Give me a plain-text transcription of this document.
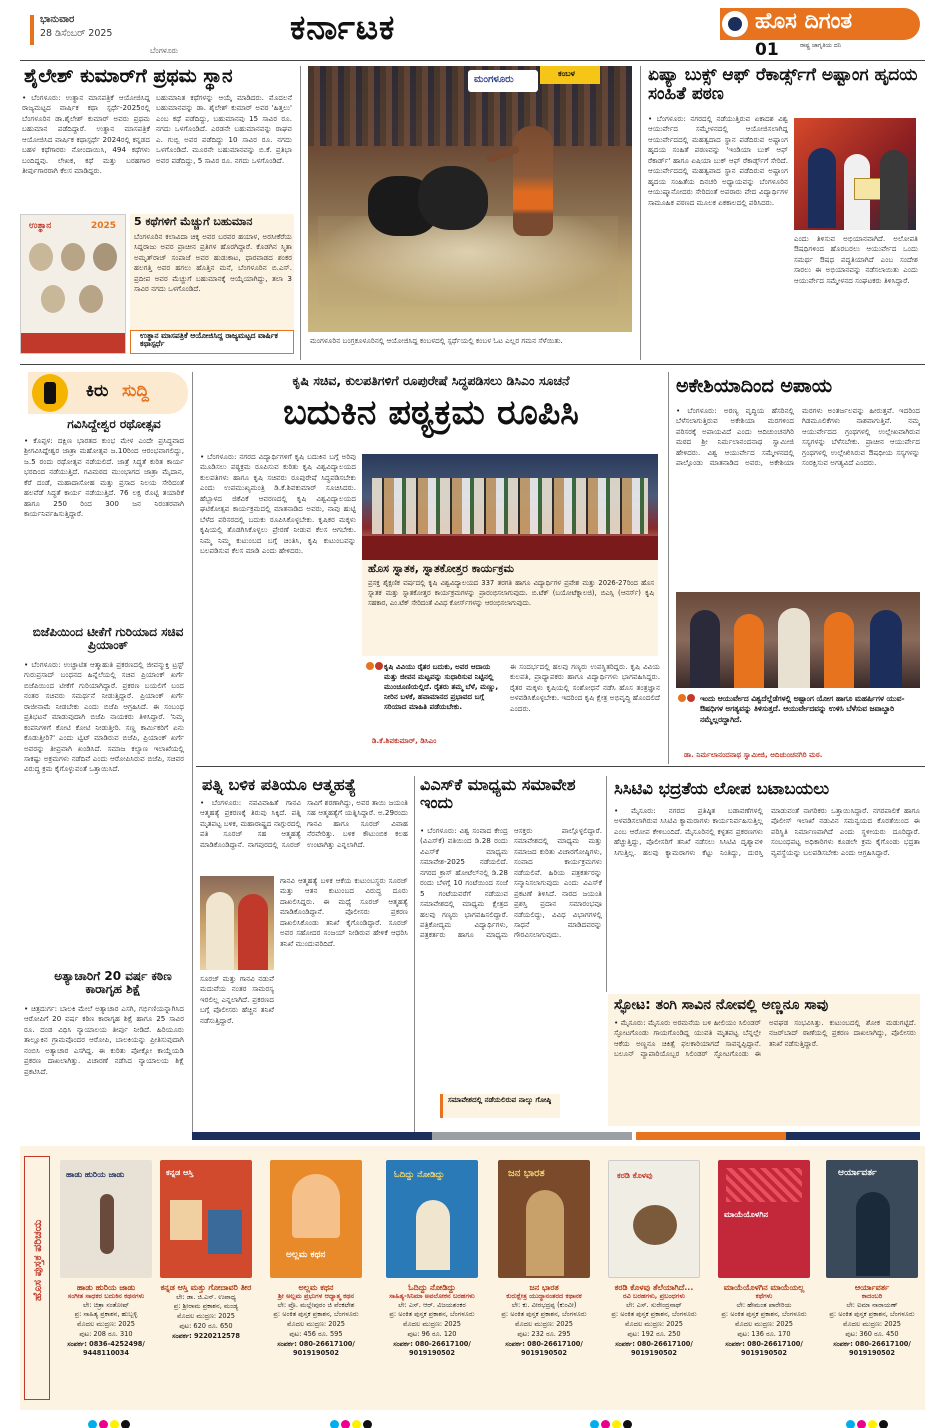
ಭಾನುವಾರ
28 ಡಿಸೆಂಬರ್ 2025
ಬೆಂಗಳೂರು
ಕರ್ನಾಟಕ	ಹೊಸ ದಿಗಂತ
ರಾಷ್ಟ್ರ ಜಾಗೃತಿಯ ದನಿ
01
ಶೈಲೇಶ್ ಕುಮಾರ್‌ಗೆ ಪ್ರಥಮ ಸ್ಥಾನ
• ಬೆಂಗಳೂರು: ಉತ್ಥಾನ ಮಾಸಪತ್ರಿಕೆ ಆಯೋಜಿಸಿದ್ದ ರಾಜ್ಯಮಟ್ಟದ ವಾರ್ಷಿಕ ಕಥಾ ಸ್ಪರ್ಧೆ-2025ರಲ್ಲಿ ಬೆಂಗಳೂರಿನ ಡಾ.ಶೈಲೇಶ್ ಕುಮಾರ್ ಅವರು ಪ್ರಥಮ ಬಹುಮಾನ ಪಡೆದಿದ್ದಾರೆ. ಉತ್ಥಾನ ಮಾಸಪತ್ರಿಕೆ ಆಯೋಜಿಸಿದ ವಾರ್ಷಿಕ ಕಥಾಸ್ಪರ್ಧೆ 2024ರಲ್ಲಿ ಕನ್ನಡದ ಬಹಳ ಕಥೆಗಾರರು ನೋಂದಾಯಿಸಿ, 494 ಕಥೆಗಳು ಬಂದಿದ್ದವು. ಲೇಖಕ, ಕಥೆ ಮತ್ತು ಬರಹಗಾರ ತೀರ್ಪುಗಾರರಾಗಿ ಕೆಲಸ ಮಾಡಿದ್ದರು.
ಬಹುಮಾನಿತ ಕಥೆಗಳನ್ನು ಆಯ್ಕೆ ಮಾಡಿದರು. ಮೊದಲನೆ ಬಹುಮಾನವನ್ನು ಡಾ. ಶೈಲೇಶ್ ಕುಮಾರ್ ಅವರ 'ಹಿತ್ತಲು' ಎಂಬ ಕಥೆ ಪಡೆದಿದ್ದು, ಬಹುಮಾನವು 15 ಸಾವಿರ ರೂ. ನಗದು ಒಳಗೊಂಡಿದೆ. ಎರಡನೇ ಬಹುಮಾನವನ್ನು ರಾಘವ ಎ. ಗುಬ್ಬಿ ಅವರ ಪಡೆದಿದ್ದು 10 ಸಾವಿರ ರೂ. ನಗದು ಒಳಗೊಂಡಿದೆ. ಮೂರನೇ ಬಹುಮಾನವನ್ನು ಬಿ.ಕೆ. ಪ್ರತಿಭಾ ಅವರ ಪಡೆದಿದ್ದು, 5 ಸಾವಿರ ರೂ. ನಗದು ಒಳಗೊಂಡಿದೆ.
ಉತ್ಥಾನ	2025 5 ಕಥೆಗಳಿಗೆ ಮೆಚ್ಚುಗೆ ಬಹುಮಾನ
ಬೆಂಗಳೂರಿನ ಕಲಾವಿದಾ ಚಿಕ್ಕ ಅವರ ಬರವರ ಹಯಾಳ, ಅರಸೀಕೆರೆಯ ಸಿದ್ದರಾಜು ಅವರ ಪ್ರಾಚೀನ ಪ್ರತಿಗಳ ಹೊರಗಿದ್ದಾರೆ. ಕೊಡಗಿನ ಸ್ಮಿತಾ ಅಮೃತ್‌ರಾಜ್ ಸಂಪಾಜೆ ಅವರ ಹುಡುಕಾಟ, ಧಾರವಾಡದ ಶಂಕರ ಹಲಗತ್ತಿ ಅವರ ಹಗಲು ಹೊತ್ತಿನ ಮನೆ, ಬೆಂಗಳೂರಿನ ಬಿ.ಎಸ್. ಪ್ರದೀಪ ಅವರ ಮೆಚ್ಚುಗೆ ಬಹುಮಾನಕ್ಕೆ ಆಯ್ಕೆಯಾಗಿದ್ದು, ತಲಾ 3 ಸಾವಿರ ನಗದು ಒಳಗೊಂಡಿದೆ.
ಉತ್ಥಾನ ಮಾಸಪತ್ರಿಕೆ ಆಯೋಜಿಸಿದ್ದ ರಾಜ್ಯಮಟ್ಟದ ವಾರ್ಷಿಕ ಕಥಾಸ್ಪರ್ಧೆ
ಮಂಗಳೂರು
ಕಂಬಳ
ಮಂಗಳೂರಿನ ಬಂಗ್ರಕೂಳೂರಿನಲ್ಲಿ ಆಯೋಜಿಸಿದ್ದ ಕಂಬಳದಲ್ಲಿ ಸ್ಪರ್ಧೆಯಲ್ಲಿ ಕಂಬಳ ಓಟ ಎಲ್ಲರ ಗಮನ ಸೆಳೆಯಿತು.
ಏಷ್ಯಾ ಬುಕ್ಸ್ ಆಫ್ ರೆಕಾರ್ಡ್ಸ್‌ಗೆ ಅಷ್ಟಾಂಗ ಹೃದಯ ಸಂಹಿತೆ ಪಠಣ
• ಬೆಂಗಳೂರು: ನಗರದಲ್ಲಿ ನಡೆಯುತ್ತಿರುವ ಏಕಾದಶ ವಿಶ್ವ ಆಯುರ್ವೇದ ಸಮ್ಮೇಳನದಲ್ಲಿ ಆಯೋಜಿಸಲಾಗಿದ್ದ ಆಯುರ್ವೇದದಲ್ಲಿ ಮಹತ್ವದಾದ ಸ್ಥಾನ ಪಡೆದಿರುವ ಅಷ್ಟಾಂಗ ಹೃದಯ ಸಂಹಿತೆ ಪಠಣವನ್ನು 'ಇಂಡಿಯಾ ಬುಕ್ ಆಫ್ ರೆಕಾರ್ಡ್' ಹಾಗೂ ಏಷಿಯಾ ಬುಕ್ ಆಫ್ ರೆಕಾರ್ಡ್ಸ್‌ಗೆ ಸೇರಿದೆ. ಆಯುರ್ವೇದದಲ್ಲಿ ಮಹತ್ವವಾದ ಸ್ಥಾನ ಪಡೆದಿರುವ ಅಷ್ಟಾಂಗ ಹೃದಯ ಸಂಹಿತೆಯ ದಿನಚರಿ ಅಧ್ಯಾಯವನ್ನು ಬೆಂಗಳೂರಿನ ಆಯುಷ್ಮಾನೋದರು ಸೇರಿದಂತೆ ಅಪರಾರು ವೇದ ವಿದ್ಯಾರ್ಥಿಗಳ ಸಾಮೂಹಿಕ ಪಠಣದ ಮೂಲಕ ಏಕಕಾಲದಲ್ಲಿ ಪಠಿಸಿದರು.
ಎಂದು ತಿಳಿಸುವ ಅಭಿಯಾನವಾಗಿದೆ. ಅಲೋಪತಿ ಔಷಧಿಗಳಿಂದ ಹೊರಬರಲು ಆಯುರ್ವೇದ ಒಂದು ಸಮರ್ಥ ಔಷಧ ಪದ್ಧತಿಯಾಗಿದೆ ಎಂಬ ಸಂದೇಶ ಸಾರಲು ಈ ಅಭಿಯಾನವನ್ನು ನಡೆಸಲಾಯಿತು ಎಂದು ಆಯುರ್ವೇದ ಸಮ್ಮೇಳನದ ಸಂಘಟಕರು ತಿಳಿಸಿದ್ದಾರೆ.
ಕಿರು ಸುದ್ದಿ
ಗವಿಸಿದ್ದೇಶ್ವರ ರಥೋತ್ಸವ
• ಕೊಪ್ಪಳ: ದಕ್ಷಿಣ ಭಾರತದ ಕುಂಭ ಮೇಳ ಎಂದೇ ಪ್ರಸಿದ್ಧವಾದ ಶ್ರೀಗವಿಸಿದ್ದೇಶ್ವರ ಜಾತ್ರಾ ಮಹೋತ್ಸವ ಜ.10ರಿಂದ ಆರಂಭವಾಗಲಿದ್ದು, ಜ.5 ರಂದು ರಥೋತ್ಸವ ನಡೆಯಲಿದೆ. ಜಾತ್ರೆ ಸಿದ್ಧತೆ ಕುರಿತ ಕಾರ್ಯ ಭರದಿಂದ ನಡೆಯುತ್ತಿದೆ. ಗವಿಮಠದ ಮುಂಭಾಗದ ಜಾತ್ರಾ ಮೈದಾನ, ಕೆರೆ ದಂಡೆ, ಮಹಾದಾಸೋಹ ಮತ್ತು ಪ್ರಸಾದ ನಿಲಯ ಸೇರಿದಂತೆ ಹಲವೆಡೆ ಸಿದ್ಧತೆ ಕಾರ್ಯ ನಡೆಯುತ್ತಿದೆ. 76 ಲಕ್ಷ ರೊಟ್ಟಿ ತಯಾರಿಕೆ ಹಾಗೂ 250 ರಿಂದ 300 ಜನ ನಿರಂತರವಾಗಿ ಕಾರ್ಯನಿರ್ವಹಿಸುತ್ತಿದ್ದಾರೆ.
ಬಿಜೆಪಿಯಿಂದ ಟೀಕೆಗೆ ಗುರಿಯಾದ ಸಚಿವ ಪ್ರಿಯಾಂಕ್
• ಬೆಂಗಳೂರು: ಉಚ್ಚಾಟಿತ ಆತ್ಮಾಹುತಿ ಪ್ರಕರಣದಲ್ಲಿ ಜೀವನ್ಮುಕ್ತಿ ಟ್ರಸ್ಟ್ ಗುರುಪ್ರಸಾದ್ ಬಂಧನದ ಹಿನ್ನೆಲೆಯಲ್ಲಿ ಸಚಿವ ಪ್ರಿಯಾಂಕ್ ಖರ್ಗೆ ಬಿಜೆಪಿಯಿಂದ ಟೀಕೆಗೆ ಗುರಿಯಾಗಿದ್ದಾರೆ. ಪ್ರಕರಣ ಬಯಲಿಗೆ ಬಂದ ನಂತರ ಸಚಿವರು ಸಮರ್ಥನೆ ನೀಡುತ್ತಿದ್ದಾರೆ. ಪ್ರಿಯಾಂಕ್ ಖರ್ಗೆ ರಾಜೀನಾಮೆ ನೀಡಬೇಕು ಎಂದು ಬಿಜೆಪಿ ಆಗ್ರಹಿಸಿದೆ. ಈ ಸಂಬಂಧ ಪ್ರತಿಭಟನೆ ಮಾಡುವುದಾಗಿ ಬಿಜೆಪಿ ನಾಯಕರು ತಿಳಿಸಿದ್ದಾರೆ. 'ನಿಮ್ಮ ಕಂಪನಿಗಳಿಗೆ ಕೋಟಿ ಕೋಟಿ ನೀಡುತ್ತೀರಿ. ಸಣ್ಣ ಕಾರ್ಮಿಕರಿಗೆ ಏನು ಕೊಡುತ್ತೀರಿ?' ಎಂದು ಟ್ವಿಟ್ ಮಾಡಿರುವ ಬಿಜೆಪಿ, ಪ್ರಿಯಾಂಕ್ ಖರ್ಗೆ ಅವರನ್ನು ತೀವ್ರವಾಗಿ ಖಂಡಿಸಿದೆ. ಸಮಾಜ ಕಲ್ಯಾಣ ಇಲಾಖೆಯಲ್ಲಿ ಸಾಕಷ್ಟು ಅಕ್ರಮಗಳು ನಡೆದಿವೆ ಎಂದು ಆರೋಪಿಸಿರುವ ಬಿಜೆಪಿ, ಸಚಿವರ ವಿರುದ್ಧ ಕ್ರಮ ಕೈಗೊಳ್ಳುವಂತೆ ಒತ್ತಾಯಿಸಿದೆ.
ಅತ್ಯಾಚಾರಿಗೆ 20 ವರ್ಷ ಕಠಿಣ ಕಾರಾಗೃಹ ಶಿಕ್ಷೆ
• ಚಿತ್ರದುರ್ಗ: ಬಾಲಕಿ ಮೇಲೆ ಅತ್ಯಾಚಾರ ಎಸಗಿ, ಗರ್ಭಿಣಿಯನ್ನಾಗಿಸಿದ ಆರೋಪಿಗೆ 20 ವರ್ಷ ಕಠಿಣ ಕಾರಾಗೃಹ ಶಿಕ್ಷೆ ಹಾಗೂ 25 ಸಾವಿರ ರೂ. ದಂಡ ವಿಧಿಸಿ ನ್ಯಾಯಾಲಯ ತೀರ್ಪು ನೀಡಿದೆ. ಹಿರಿಯೂರು ತಾಲ್ಲೂಕಿನ ಗ್ರಾಮವೊಂದರ ಆರೋಪಿ, ಬಾಲಕಿಯನ್ನು ಪ್ರೀತಿಸುವುದಾಗಿ ನಂಬಿಸಿ ಅತ್ಯಾಚಾರ ಎಸಗಿದ್ದ. ಈ ಕುರಿತು ಪೋಕ್ಸೋ ಕಾಯ್ದೆಯಡಿ ಪ್ರಕರಣ ದಾಖಲಾಗಿತ್ತು. ವಿಚಾರಣೆ ನಡೆಸಿದ ನ್ಯಾಯಾಲಯ ಶಿಕ್ಷೆ ಪ್ರಕಟಿಸಿದೆ.
ಕೃಷಿ ಸಚಿವ, ಕುಲಪತಿಗಳಿಗೆ ರೂಪುರೇಷೆ ಸಿದ್ಧಪಡಿಸಲು ಡಿಸಿಎಂ ಸೂಚನೆ
ಬದುಕಿನ ಪಠ್ಯಕ್ರಮ ರೂಪಿಸಿ
• ಬೆಂಗಳೂರು: ನಗರದ ವಿದ್ಯಾರ್ಥಿಗಳಿಗೆ ಕೃಷಿ ಬದುಕಿನ ಬಗ್ಗೆ ಅರಿವು ಮೂಡಿಸಲು ಪಠ್ಯಕ್ರಮ ರೂಪಿಸುವ ಕುರಿತು ಕೃಷಿ ವಿಶ್ವವಿದ್ಯಾಲಯದ ಕುಲಪತಿಗಳು ಹಾಗೂ ಕೃಷಿ ಸಚಿವರು ರೂಪುರೇಷೆ ಸಿದ್ಧಪಡಿಸಬೇಕು ಎಂದು ಉಪಮುಖ್ಯಮಂತ್ರಿ ಡಿ.ಕೆ.ಶಿವಕುಮಾರ್ ಸೂಚಿಸಿದರು. ಹೆಬ್ಬಾಳದ ಜಿಕೆವಿಕೆ ಆವರಣದಲ್ಲಿ ಕೃಷಿ ವಿಶ್ವವಿದ್ಯಾಲಯದ ಘಟಿಕೋತ್ಸವ ಕಾರ್ಯಕ್ರಮದಲ್ಲಿ ಮಾತನಾಡಿದ ಅವರು, ನಾವು ಹುಟ್ಟಿ ಬೆಳೆದ ಪರಿಸರದಲ್ಲಿ ಬದುಕು ರೂಪಿಸಿಕೊಳ್ಳಬೇಕು. ಕೃಷಿಕರ ಮಕ್ಕಳು ಕೃಷಿಯಲ್ಲಿ ತೊಡಗಿಸಿಕೊಳ್ಳಲು ಪ್ರೇರಣೆ ನೀಡುವ ಕೆಲಸ ಆಗಬೇಕು. ನಿಮ್ಮ ನಿಮ್ಮ ಕುಟುಂಬದ ಬಗ್ಗೆ ಚಿಂತಿಸಿ, ಕೃಷಿ ಕುಟುಂಬವನ್ನು ಬಲಪಡಿಸುವ ಕೆಲಸ ಮಾಡಿ ಎಂದು ಹೇಳಿದರು.
ಹೊಸ ಸ್ನಾತಕ, ಸ್ನಾತಕೋತ್ತರ ಕಾರ್ಯಕ್ರಮ
ಪ್ರಸಕ್ತ ಶೈಕ್ಷಣಿಕ ವರ್ಷದಲ್ಲಿ ಕೃಷಿ ವಿಶ್ವವಿದ್ಯಾಲಯದ 337 ತರಗತಿ ಹಾಗೂ ವಿದ್ಯಾರ್ಥಿಗಳ ಪ್ರವೇಶ ಮತ್ತು 2026-27ರಿಂದ ಹೊಸ ಸ್ನಾತಕ ಮತ್ತು ಸ್ನಾತಕೋತ್ತರ ಕಾರ್ಯಕ್ರಮಗಳನ್ನು ಪ್ರಾರಂಭಿಸಲಾಗುವುದು. ಬಿ.ಟೆಕ್ (ಬಯೋಟೆಕ್ನಾಲಜಿ), ಬಿಎಸ್ಸಿ (ಆನರ್ಸ್) ಕೃಷಿ ಸಹಕಾರ, ಎಂ.ಟೆಕ್ ಸೇರಿದಂತೆ ವಿವಿಧ ಕೋರ್ಸ್‌ಗಳನ್ನು ಆರಂಭಿಸಲಾಗುವುದು.
ಕೃಷಿ ವಿವಿಯು ರೈತರ ಬದುಕು, ಅವರ ಆದಾಯ ಮತ್ತು ಜೀವನ ಮಟ್ಟವನ್ನು ಸುಧಾರಿಸುವ ನಿಟ್ಟಿನಲ್ಲಿ ಮುಂಚೂಣಿಯಲ್ಲಿದೆ. ರೈತರು ತಮ್ಮ ಬೆಳೆ, ಮಣ್ಣು, ನೀರಿನ ಬಳಕೆ, ಹವಾಮಾನದ ಪ್ರಭಾವದ ಬಗ್ಗೆ ಸರಿಯಾದ ಮಾಹಿತಿ ಪಡೆಯಬೇಕು.
ಡಿ.ಕೆ.ಶಿವಕುಮಾರ್, ಡಿಸಿಎಂ
ಈ ಸಂದರ್ಭದಲ್ಲಿ ಹಲವು ಗಣ್ಯರು ಉಪಸ್ಥಿತರಿದ್ದರು. ಕೃಷಿ ವಿವಿಯ ಕುಲಪತಿ, ಪ್ರಾಧ್ಯಾಪಕರು ಹಾಗೂ ವಿದ್ಯಾರ್ಥಿಗಳು ಭಾಗವಹಿಸಿದ್ದರು. ರೈತರ ಮಕ್ಕಳು ಕೃಷಿಯಲ್ಲಿ ಸಂಶೋಧನೆ ನಡೆಸಿ ಹೊಸ ತಂತ್ರಜ್ಞಾನ ಅಳವಡಿಸಿಕೊಳ್ಳಬೇಕು. ಇದರಿಂದ ಕೃಷಿ ಕ್ಷೇತ್ರ ಅಭಿವೃದ್ಧಿ ಹೊಂದಲಿದೆ ಎಂದರು.
ಅಕೇಶಿಯಾದಿಂದ ಅಪಾಯ
• ಬೆಂಗಳೂರು: ಅರಣ್ಯ ವೃದ್ಧಿಯ ಹೆಸರಿನಲ್ಲಿ ಬೆಳೆಸಲಾಗುತ್ತಿರುವ ಅಕೇಶಿಯಾ ಮರಗಳಿಂದ ಪರಿಸರಕ್ಕೆ ಅಪಾಯವಿದೆ ಎಂದು ಆದಿಚುಂಚನಗಿರಿ ಮಠದ ಶ್ರೀ ನಿರ್ಮಲಾನಂದನಾಥ ಸ್ವಾಮೀಜಿ ಹೇಳಿದರು. ವಿಶ್ವ ಆಯುರ್ವೇದ ಸಮ್ಮೇಳನದಲ್ಲಿ ಪಾಲ್ಗೊಂಡು ಮಾತನಾಡಿದ ಅವರು, ಅಕೇಶಿಯಾ ಮರಗಳು ಅಂತರ್ಜಲವನ್ನು ಹೀರುತ್ತವೆ. ಇದರಿಂದ ಗಿಡಮೂಲಿಕೆಗಳು ನಾಶವಾಗುತ್ತಿವೆ. ನಮ್ಮ ಆಯುರ್ವೇದದ ಗ್ರಂಥಗಳಲ್ಲಿ ಉಲ್ಲೇಖವಾಗಿರುವ ಸಸ್ಯಗಳನ್ನು ಬೆಳೆಸಬೇಕು. ಪ್ರಾಚೀನ ಆಯುರ್ವೇದ ಗ್ರಂಥಗಳಲ್ಲಿ ಉಲ್ಲೇಖಿಸಿರುವ ಔಷಧೀಯ ಸಸ್ಯಗಳನ್ನು ಸಂರಕ್ಷಿಸುವ ಅಗತ್ಯವಿದೆ ಎಂದರು.
ಇಂದು ಆಯುರ್ವೇದ ವಿಶ್ವದೆಲ್ಲೆಡೆಗಳಲ್ಲಿ ಅಷ್ಟಾಂಗ ಯೋಗ ಹಾಗೂ ಮಹರ್ಷಿಗಳ ಯುವ-ಔಷಧಿಗಳ ಅಗತ್ಯವನ್ನು ತಿಳಿಸುತ್ತದೆ. ಆಯುರ್ವೇದವನ್ನು ಉಳಿಸಿ ಬೆಳೆಸುವ ಜವಾಬ್ದಾರಿ ನಮ್ಮೆಲ್ಲರದ್ದಾಗಿದೆ.
ಡಾ. ನಿರ್ಮಲಾನಂದನಾಥ ಸ್ವಾಮೀಜಿ, ಆದಿಚುಂಚನಗಿರಿ ಮಠ.
ಪತ್ನಿ ಬಳಿಕ ಪತಿಯೂ ಆತ್ಮಹತ್ಯೆ
• ಬೆಂಗಳೂರು: ನವವಿವಾಹಿತೆ ಗಾನವಿ ಆತ್ಮಹತ್ಯೆ ಪ್ರಕರಣಕ್ಕೆ ತಿರುವು ಸಿಕ್ಕಿದೆ. ಪತ್ನಿ ಮೃತಪಟ್ಟ ಬಳಿಕ, ಮಹಾರಾಷ್ಟ್ರದ ನಾಗ್ಪುರದಲ್ಲಿ ಪತಿ ಸೂರಜ್ ಸಹ ಆತ್ಮಹತ್ಯೆ ಮಾಡಿಕೊಂಡಿದ್ದಾನೆ. ನಾಗಪುರದಲ್ಲಿ ಸೂರಜ್ ಸಾವಿಗೆ ಶರಣಾಗಿದ್ದು, ಅವರ ತಾಯಿ ಜಯಂತಿ ಸಹ ಆತ್ಮಹತ್ಯೆಗೆ ಯತ್ನಿಸಿದ್ದಾರೆ. ಅ.29ರಂದು ಗಾನವಿ ಹಾಗೂ ಸೂರಜ್ ವಿವಾಹ ನೆರವೇರಿತ್ತು. ಬಳಿಕ ಕೌಟುಂಬಿಕ ಕಲಹ ಉಂಟಾಗಿತ್ತು ಎನ್ನಲಾಗಿದೆ.
ಗಾನವಿ ಆತ್ಮಹತ್ಯೆ ಬಳಿಕ ಆಕೆಯ ಕುಟುಂಬಸ್ಥರು ಸೂರಜ್ ಮತ್ತು ಆತನ ಕುಟುಂಬದ ವಿರುದ್ಧ ದೂರು ದಾಖಲಿಸಿದ್ದರು. ಈ ಮಧ್ಯೆ ಸೂರಜ್ ಆತ್ಮಹತ್ಯೆ ಮಾಡಿಕೊಂಡಿದ್ದಾನೆ. ಪೊಲೀಸರು ಪ್ರಕರಣ ದಾಖಲಿಸಿಕೊಂಡು ತನಿಖೆ ಕೈಗೊಂಡಿದ್ದಾರೆ. ಸೂರಜ್ ಅವರ ಸಹೋದರ ಸಂಜಯ್ ನೀಡಿರುವ ಹೇಳಿಕೆ ಆಧರಿಸಿ ತನಿಖೆ ಮುಂದುವರಿದಿದೆ.
ಸೂರಜ್ ಮತ್ತು ಗಾನವಿ ನಡುವೆ ಮದುವೆಯ ನಂತರ ಸಾಮರಸ್ಯ ಇರಲಿಲ್ಲ ಎನ್ನಲಾಗಿದೆ. ಪ್ರಕರಣದ ಬಗ್ಗೆ ಪೊಲೀಸರು ಹೆಚ್ಚಿನ ತನಿಖೆ ನಡೆಸುತ್ತಿದ್ದಾರೆ.
ವಿಎಸ್‌ಕೆ ಮಾಧ್ಯಮ ಸಮಾವೇಶ ಇಂದು
• ಬೆಂಗಳೂರು: ವಿಶ್ವ ಸಂವಾದ ಕೇಂದ್ರ (ವಿಎಸ್‌ಕೆ) ವತಿಯಿಂದ ಡಿ.28 ರಂದು ವಿಎಸ್‌ಕೆ ಮಾಧ್ಯಮ ಸಮಾವೇಶ-2025 ನಡೆಯಲಿದೆ. ನಗರದ ಕ್ರಾಸ್ ಹೋಟೆಲ್‌ನಲ್ಲಿ ಡಿ.28 ರಂದು ಬೆಳಗ್ಗೆ 10 ಗಂಟೆಯಿಂದ ಸಂಜೆ 5 ಗಂಟೆಯವರೆಗೆ ನಡೆಯುವ ಸಮಾವೇಶದಲ್ಲಿ ಮಾಧ್ಯಮ ಕ್ಷೇತ್ರದ ಹಲವು ಗಣ್ಯರು ಭಾಗವಹಿಸಲಿದ್ದಾರೆ. ಪತ್ರಿಕೋದ್ಯಮ ವಿದ್ಯಾರ್ಥಿಗಳು, ಪತ್ರಕರ್ತರು ಹಾಗೂ ಮಾಧ್ಯಮ ಆಸಕ್ತರು ಪಾಲ್ಗೊಳ್ಳಲಿದ್ದಾರೆ. ಸಮಾವೇಶದಲ್ಲಿ ಮಾಧ್ಯಮ ಮತ್ತು ಸಮಾಜದ ಕುರಿತು ವಿಚಾರಗೋಷ್ಠಿಗಳು, ಸಂವಾದ ಕಾರ್ಯಕ್ರಮಗಳು ನಡೆಯಲಿವೆ. ಹಿರಿಯ ಪತ್ರಕರ್ತರನ್ನು ಸನ್ಮಾನಿಸಲಾಗುವುದು ಎಂದು ವಿಎಸ್‌ಕೆ ಪ್ರಕಟಣೆ ತಿಳಿಸಿದೆ. ನಾರದ ಜಯಂತಿ ಪ್ರಶಸ್ತಿ ಪ್ರದಾನ ಸಮಾರಂಭವೂ ನಡೆಯಲಿದ್ದು, ವಿವಿಧ ವಿಭಾಗಗಳಲ್ಲಿ ಸಾಧನೆ ಮಾಡಿದವರನ್ನು ಗೌರವಿಸಲಾಗುವುದು.
ಸಮಾವೇಶದಲ್ಲಿ ನಡೆಯಲಿರುವ ನಾಲ್ಕು ಗೋಷ್ಠಿ
ಸಿಸಿಟಿವಿ ಭದ್ರತೆಯ ಲೋಪ ಬಟಾಬಯಲು
• ಮೈಸೂರು: ನಗರದ ಪ್ರತಿಷ್ಠಿತ ಬಡಾವಣೆಗಳಲ್ಲಿ ಅಳವಡಿಸಲಾಗಿರುವ ಸಿಸಿಟಿವಿ ಕ್ಯಾಮರಾಗಳು ಕಾರ್ಯನಿರ್ವಹಿಸುತ್ತಿಲ್ಲ ಎಂಬ ಆರೋಪ ಕೇಳಿಬಂದಿದೆ. ಮೈಸೂರಿನಲ್ಲಿ ಕಳ್ಳತನ ಪ್ರಕರಣಗಳು ಹೆಚ್ಚುತ್ತಿದ್ದು, ಪೊಲೀಸರಿಗೆ ತನಿಖೆ ನಡೆಸಲು ಸಿಸಿಟಿವಿ ದೃಶ್ಯಾವಳಿ ಸಿಗುತ್ತಿಲ್ಲ. ಹಲವು ಕ್ಯಾಮರಾಗಳು ಕೆಟ್ಟು ನಿಂತಿದ್ದು, ದುರಸ್ತಿ ಮಾಡುವಂತೆ ನಾಗರಿಕರು ಒತ್ತಾಯಿಸಿದ್ದಾರೆ. ನಗರಪಾಲಿಕೆ ಹಾಗೂ ಪೊಲೀಸ್ ಇಲಾಖೆ ನಡುವಿನ ಸಮನ್ವಯದ ಕೊರತೆಯಿಂದ ಈ ಪರಿಸ್ಥಿತಿ ನಿರ್ಮಾಣವಾಗಿದೆ ಎಂದು ಸ್ಥಳೀಯರು ದೂರಿದ್ದಾರೆ. ಸಂಬಂಧಪಟ್ಟ ಅಧಿಕಾರಿಗಳು ಕೂಡಲೇ ಕ್ರಮ ಕೈಗೊಂಡು ಭದ್ರತಾ ವ್ಯವಸ್ಥೆಯನ್ನು ಬಲಪಡಿಸಬೇಕು ಎಂದು ಆಗ್ರಹಿಸಿದ್ದಾರೆ.
ಸ್ಫೋಟ: ತಂಗಿ ಸಾವಿನ ನೋವಲ್ಲಿ ಅಣ್ಣನೂ ಸಾವು
• ಮೈಸೂರು: ಮೈಸೂರು ಅರಮನೆಯ ಬಳಿ ಹೀಲಿಯಂ ಸಿಲಿಂಡರ್ ಸ್ಫೋಟಗೊಂಡು ಗಾಯಗೊಂಡಿದ್ದ ಯುವತಿ ಮೃತಪಟ್ಟ ಬೆನ್ನಲ್ಲೇ ಆಕೆಯ ಅಣ್ಣನೂ ಚಿಕಿತ್ಸೆ ಫಲಕಾರಿಯಾಗದೆ ಸಾವನ್ನಪ್ಪಿದ್ದಾನೆ. ಬಲೂನ್ ವ್ಯಾಪಾರಿಯೊಬ್ಬರ ಸಿಲಿಂಡರ್ ಸ್ಫೋಟಗೊಂಡು ಈ ಅವಘಡ ಸಂಭವಿಸಿತ್ತು. ಕುಟುಂಬದಲ್ಲಿ ಶೋಕ ಮಡುಗಟ್ಟಿದೆ. ನಜರ್‌ಬಾದ್ ಠಾಣೆಯಲ್ಲಿ ಪ್ರಕರಣ ದಾಖಲಾಗಿದ್ದು, ಪೊಲೀಸರು ತನಿಖೆ ನಡೆಸುತ್ತಿದ್ದಾರೆ.
ಹೊಸ ಪುಸ್ತಕ ಪರಿಚಯ
ಹಾಡು ಹುರಿಯ ಜಾಡು
ಹಾಡು ಹುರಿಯ ಜಾಡು
ಸಂಗೀತ ಸಾಧಕರ ಬದುಕಿನ ಕಥನಗಳು
ಲೇ: ಚಿತ್ರಾ ಸಂತೋಷ್
ಪ್ರ: ಸಾಹಿತ್ಯ ಪ್ರಕಾಶನ, ಹುಬ್ಬಳ್ಳಿ
ಮೊದಲ ಮುದ್ರಣ: 2025
ಪುಟ: 208 ರೂ. 310
ಸಂಪರ್ಕ: 0836-4252498/ 9448110034
ಕನ್ನಡ ಆಸ್ತಿ
ಕನ್ನಡ ಆಸ್ತಿ ಮತ್ತು ಗೋದಾವರಿ ತೀರ
ಲೇ: ಡಾ. ಜಿ.ಎನ್. ಉಪಾಧ್ಯ
ಪ್ರ: ಶ್ರೀರಾಮ ಪ್ರಕಾಶನ, ಮಂಡ್ಯ
ಮೊದಲ ಮುದ್ರಣ: 2025
ಪುಟ: 620 ರೂ. 650
ಸಂಪರ್ಕ: 9220212578
ಅಲ್ಲಮ ಕಥನ
ಅಲ್ಲಮ ಕಥನ
ಶ್ರೀ ಅಲ್ಲಮ ಪ್ರಭುಗಳ ಆಧ್ಯಾತ್ಮ ಕಥನ
ಲೇ: ಪ್ರೊ. ಮಲ್ಲೇಪುರಂ ಜಿ ವೆಂಕಟೇಶ
ಪ್ರ: ಅಂಕಿತ ಪುಸ್ತಕ ಪ್ರಕಾಶನ, ಬೆಂಗಳೂರು
ಮೊದಲ ಮುದ್ರಣ: 2025
ಪುಟ: 456 ರೂ. 595
ಸಂಪರ್ಕ: 080-26617100/ 9019190502
ಓದಿದ್ದು ನೋಡಿದ್ದು
ಓದಿದ್ದು ನೋಡಿದ್ದು
ಸಾಹಿತ್ಯ-ಸಿನಿಮಾ ಅವಲೋಕನ ಬರಹಗಳು
ಲೇ: ಎಸ್. ಆರ್. ವಿಜಯಶಂಕರ
ಪ್ರ: ಅಂಕಿತ ಪುಸ್ತಕ ಪ್ರಕಾಶನ, ಬೆಂಗಳೂರು
ಮೊದಲ ಮುದ್ರಣ: 2025
ಪುಟ: 96 ರೂ. 120
ಸಂಪರ್ಕ: 080-26617100/ 9019190502
ಜನ ಭಾರತ
ಜನ ಭಾರತ
ಕುರುಕ್ಷೇತ್ರ ಯುದ್ಧಾನಂತರದ ಕಥಾನಕ
ಲೇ: ಕು. ವೀರಭದ್ರಪ್ಪ (ಕುಂವೀ)
ಪ್ರ: ಅಂಕಿತ ಪುಸ್ತಕ ಪ್ರಕಾಶನ, ಬೆಂಗಳೂರು
ಮೊದಲ ಮುದ್ರಣ: 2025
ಪುಟ: 232 ರೂ. 295
ಸಂಪರ್ಕ: 080-26617100/ 9019190502
ಕರಡಿ ಕೊಳವು
ಕರಡಿ ಕೊಳವು ತೆಲೆಯಾಗಿದೆ...
ರವಿ ಬರಹಗಳು, ಪ್ರಬಂಧಗಳು
ಲೇ: ಎಸ್. ಸುರೇಂದ್ರನಾಥ್
ಪ್ರ: ಅಂಕಿತ ಪುಸ್ತಕ ಪ್ರಕಾಶನ, ಬೆಂಗಳೂರು
ಮೊದಲ ಮುದ್ರಣ: 2025
ಪುಟ: 192 ರೂ. 250
ಸಂಪರ್ಕ: 080-26617100/ 9019190502
ಮಾಯೆಯೊಳಗಿನ
ಮಾಯೆಯೊಳಗಿನ ಮಾಯೆಯಲ್ಲ
ಕಥೆಗಳು
ಲೇ: ಹೇಮಂತ ಪಾರೇರಿಯ
ಪ್ರ: ಅಂಕಿತ ಪುಸ್ತಕ ಪ್ರಕಾಶನ, ಬೆಂಗಳೂರು
ಮೊದಲ ಮುದ್ರಣ: 2025
ಪುಟ: 136 ರೂ. 170
ಸಂಪರ್ಕ: 080-26617100/ 9019190502
ಆರ್ಯಾವರ್ತ
ಆರ್ಯಾವರ್ತ
ಕಾದಂಬರಿ
ಲೇ: ಐಮಾ ನಾರಾಯಣ್
ಪ್ರ: ಅಂಕಿತ ಪುಸ್ತಕ ಪ್ರಕಾಶನ, ಬೆಂಗಳೂರು
ಮೊದಲ ಮುದ್ರಣ: 2025
ಪುಟ: 360 ರೂ. 450
ಸಂಪರ್ಕ: 080-26617100/ 9019190502
